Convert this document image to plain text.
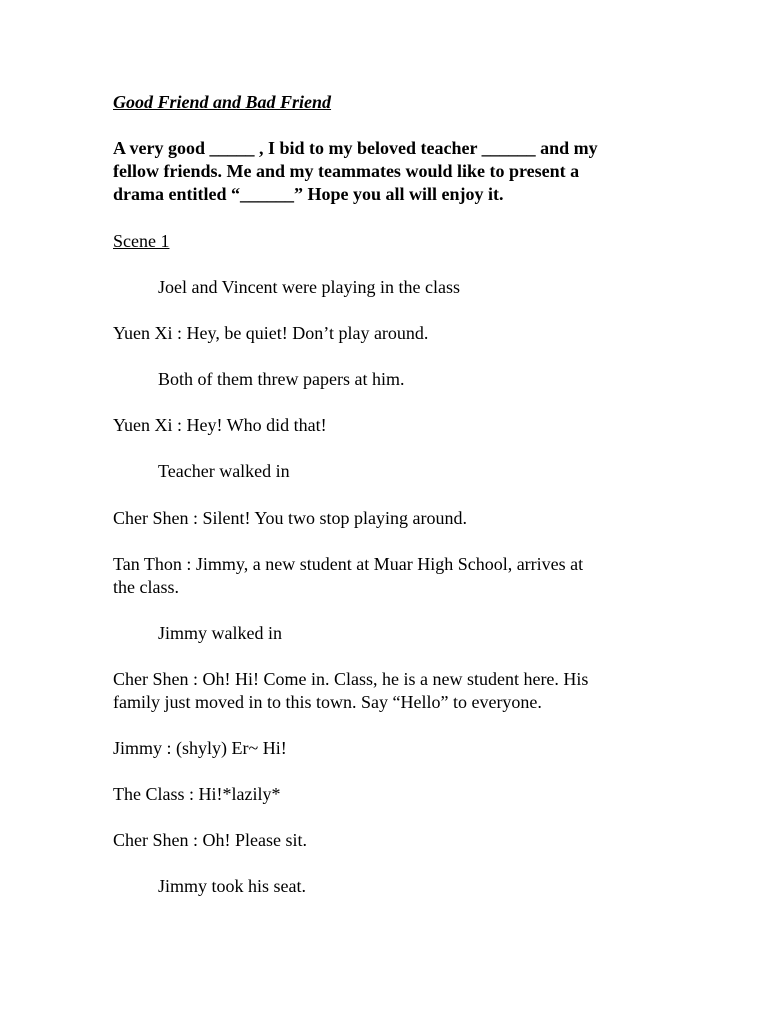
Good Friend and Bad Friend
A very good _____ , I bid to my beloved teacher ______ and my
fellow friends. Me and my teammates would like to present a
drama entitled “______” Hope you all will enjoy it.
Scene 1
Joel and Vincent were playing in the class
Yuen Xi : Hey, be quiet! Don’t play around.
Both of them threw papers at him.
Yuen Xi : Hey! Who did that!
Teacher walked in
Cher Shen : Silent! You two stop playing around.
Tan Thon : Jimmy, a new student at Muar High School, arrives at
the class.
Jimmy walked in
Cher Shen : Oh! Hi! Come in. Class, he is a new student here. His
family just moved in to this town. Say “Hello” to everyone.
Jimmy : (shyly) Er~ Hi!
The Class : Hi!*lazily*
Cher Shen : Oh! Please sit.
Jimmy took his seat.
